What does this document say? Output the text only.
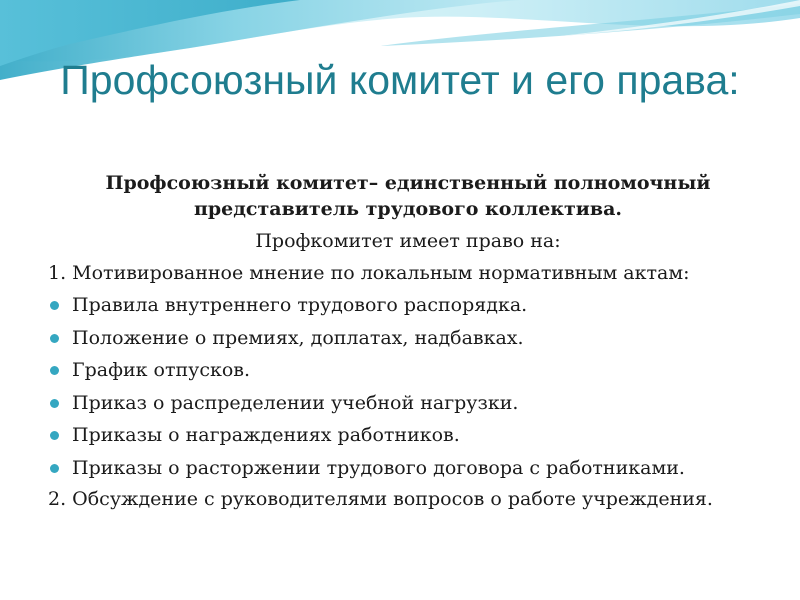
Профсоюзный комитет и его права:

Профсоюзный комитет– единственный полномочный представитель трудового коллектива.

Профкомитет имеет право на:

1. Мотивированное мнение по локальным нормативным актам:

Правила внутреннего трудового распорядка.
Положение о премиях, доплатах, надбавках.
График отпусков.
Приказ о распределении учебной нагрузки.
Приказы о награждениях работников.
Приказы о расторжении трудового договора с работниками.

2. Обсуждение с руководителями вопросов о работе учреждения.
